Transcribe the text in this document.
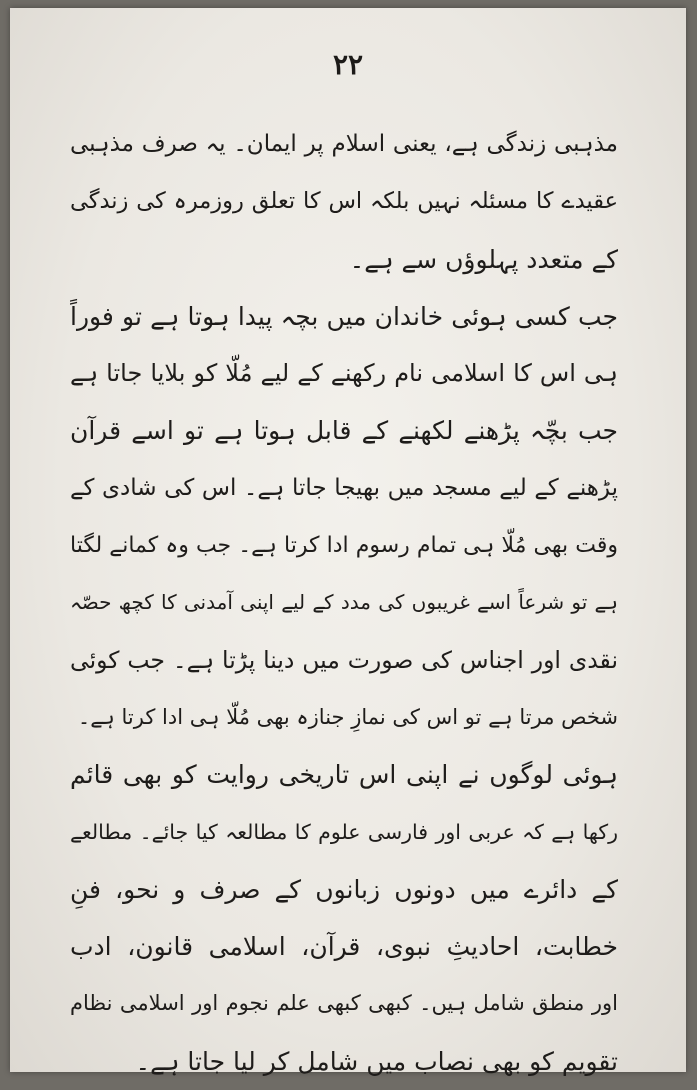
۲۲
مذہبی زندگی ہے، یعنی اسلام پر ایمان۔ یہ صرف مذہبی
عقیدے کا مسئلہ نہیں بلکہ اس کا تعلق روزمرہ کی زندگی
کے متعدد پہلوؤں سے ہے۔
جب کسی ہوئی خاندان میں بچہ پیدا ہوتا ہے تو فوراً
ہی اس کا اسلامی نام رکھنے کے لیے مُلّا کو بلایا جاتا ہے
جب بچّہ پڑھنے لکھنے کے قابل ہوتا ہے تو اسے قرآن
پڑھنے کے لیے مسجد میں بھیجا جاتا ہے۔ اس کی شادی کے
وقت بھی مُلّا ہی تمام رسوم ادا کرتا ہے۔ جب وہ کمانے لگتا
ہے تو شرعاً اسے غریبوں کی مدد کے لیے اپنی آمدنی کا کچھ حصّہ
نقدی اور اجناس کی صورت میں دینا پڑتا ہے۔ جب کوئی
شخص مرتا ہے تو اس کی نمازِ جنازہ بھی مُلّا ہی ادا کرتا ہے۔
ہوئی لوگوں نے اپنی اس تاریخی روایت کو بھی قائم
رکھا ہے کہ عربی اور فارسی علوم کا مطالعہ کیا جائے۔ مطالعے
کے دائرے میں دونوں زبانوں کے صرف و نحو، فنِ
خطابت، احادیثِ نبوی، قرآن، اسلامی قانون، ادب
اور منطق شامل ہیں۔ کبھی کبھی علم نجوم اور اسلامی نظام
تقویم کو بھی نصاب میں شامل کر لیا جاتا ہے۔
